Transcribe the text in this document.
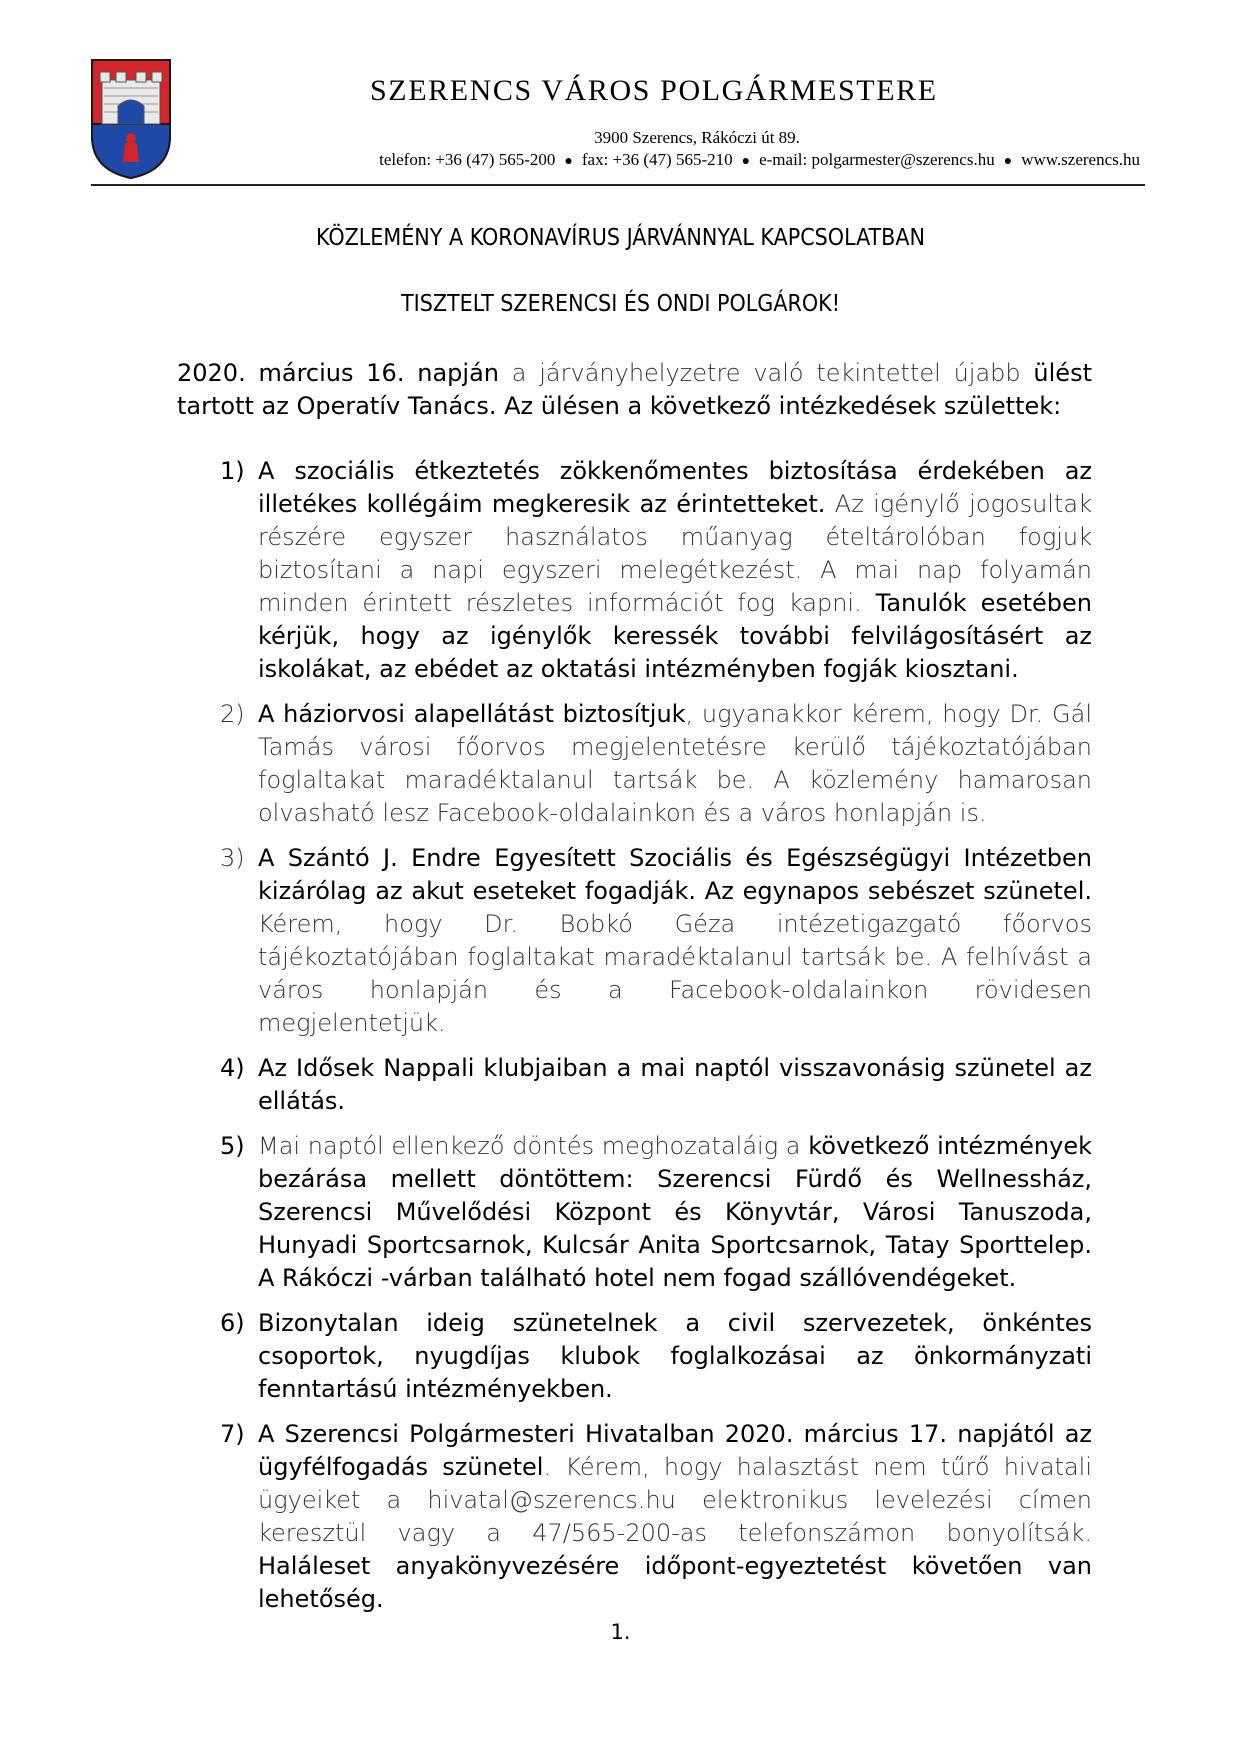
SZERENCS VÁROS POLGÁRMESTERE
3900 Szerencs, Rákóczi út 89.
telefon: +36 (47) 565-200 ● fax: +36 (47) 565-210 ● e-mail: polgarmester@szerencs.hu ● www.szerencs.hu
KÖZLEMÉNY A KORONAVÍRUS JÁRVÁNNYAL KAPCSOLATBAN
TISZTELT SZERENCSI ÉS ONDI POLGÁROK!
2020. március 16. napján a járványhelyzetre való tekintettel újabb ülést tartott az Operatív Tanács. Az ülésen a következő intézkedések születtek:
1) A szociális étkeztetés zökkenőmentes biztosítása érdekében az illetékes kollégáim megkeresik az érintetteket. Az igénylő jogosultak részére egyszer használatos műanyag ételtárolóban fogjuk biztosítani a napi egyszeri melegétkezést. A mai nap folyamán minden érintett részletes információt fog kapni. Tanulók esetében kérjük, hogy az igénylők keressék további felvilágosításért az iskolákat, az ebédet az oktatási intézményben fogják kiosztani.
2) A háziorvosi alapellátást biztosítjuk, ugyanakkor kérem, hogy Dr. Gál Tamás városi főorvos megjelentetésre kerülő tájékoztatójában foglaltakat maradéktalanul tartsák be. A közlemény hamarosan olvasható lesz Facebook-oldalainkon és a város honlapján is.
3) A Szántó J. Endre Egyesített Szociális és Egészségügyi Intézetben kizárólag az akut eseteket fogadják. Az egynapos sebészet szünetel. Kérem, hogy Dr. Bobkó Géza intézetigazgató főorvos tájékoztatójában foglaltakat maradéktalanul tartsák be. A felhívást a város honlapján és a Facebook-oldalainkon rövidesen megjelentetjük.
4) Az Idősek Nappali klubjaiban a mai naptól visszavonásig szünetel az ellátás.
5) Mai naptól ellenkező döntés meghozataláig a következő intézmények bezárása mellett döntöttem: Szerencsi Fürdő és Wellnessház, Szerencsi Művelődési Központ és Könyvtár, Városi Tanuszoda, Hunyadi Sportcsarnok, Kulcsár Anita Sportcsarnok, Tatay Sporttelep. A Rákóczi -várban található hotel nem fogad szállóvendégeket.
6) Bizonytalan ideig szünetelnek a civil szervezetek, önkéntes csoportok, nyugdíjas klubok foglalkozásai az önkormányzati fenntartású intézményekben.
7) A Szerencsi Polgármesteri Hivatalban 2020. március 17. napjától az ügyfélfogadás szünetel. Kérem, hogy halasztást nem tűrő hivatali ügyeiket a hivatal@szerencs.hu elektronikus levelezési címen keresztül vagy a 47/565-200-as telefonszámon bonyolítsák. Haláleset anyakönyvezésére időpont-egyeztetést követően van lehetőség.
1.
